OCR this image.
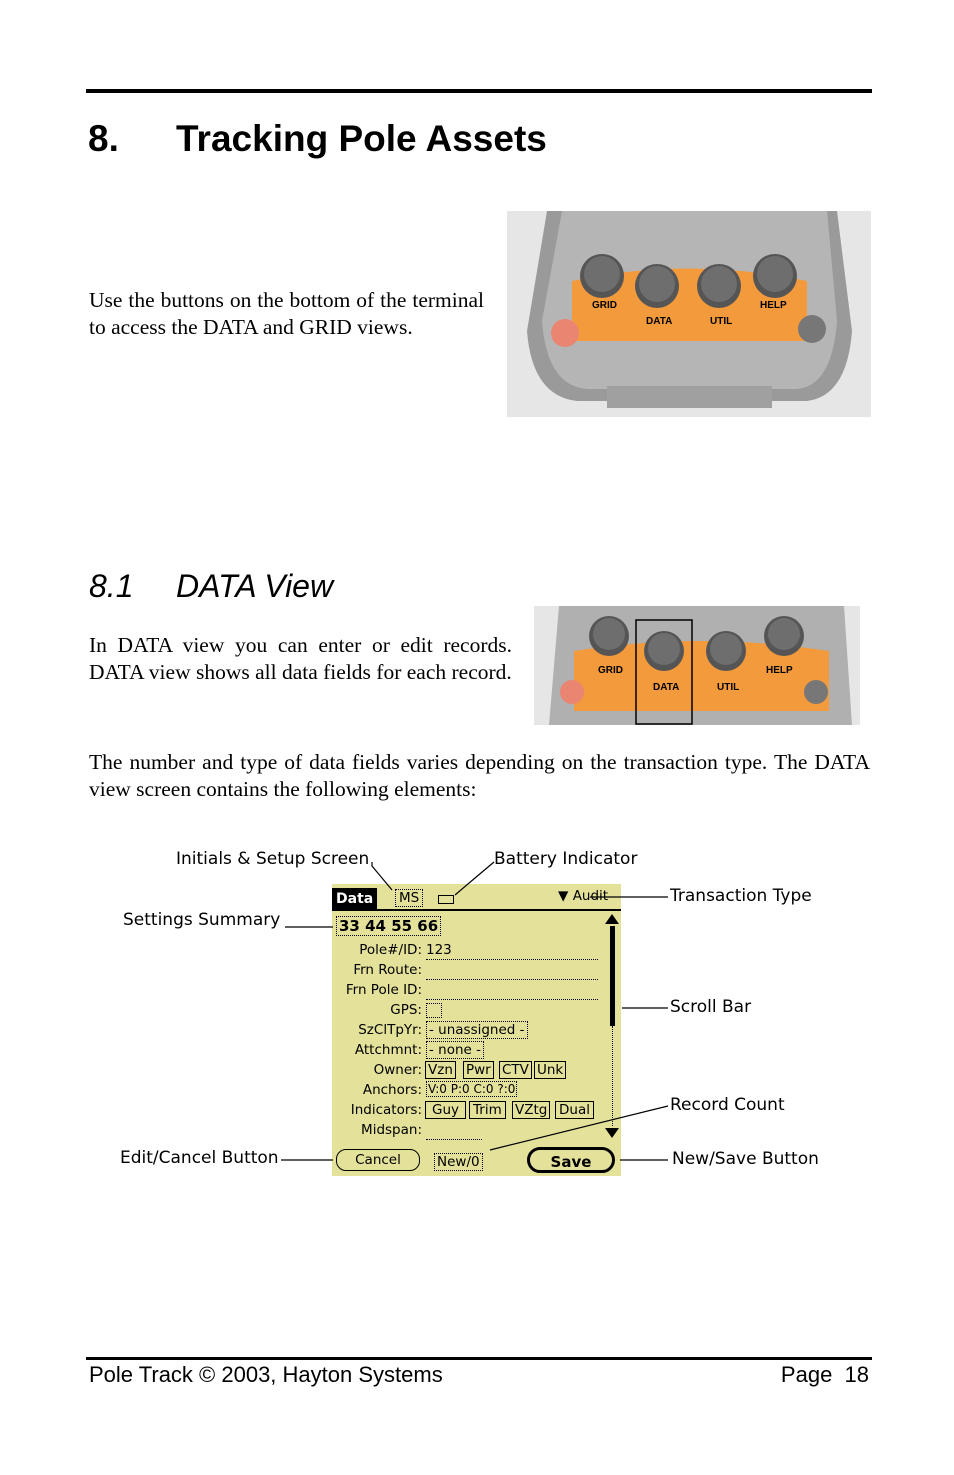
8. Tracking Pole Assets
Use the buttons on the bottom of the terminal to access the DATA and GRID views.
GRID
DATA	UTIL
HELP
8.1 DATA View
In DATA view you can enter or edit records. DATA view shows all data fields for each record.	GRID
DATA	UTIL
HELP
The number and type of data fields varies depending on the transaction type. The DATA view screen contains the following elements:
Data MS	▼ Audit
33 44 55 66
Pole#/ID: 123
Frn Route:
Frn Pole ID:
GPS:
SzClTpYr: - unassigned -
Attchmnt: - none -
Owner: Vzn Pwr CTV Unk
Anchors: V:0 P:0 C:0 ?:0
Indicators: Guy	Trim VZtg Dual
Midspan:
Cancel	New/0	Save
Initials & Setup Screen	Battery Indicator
Transaction Type
Settings Summary
Scroll Bar
Record Count
Edit/Cancel Button	New/Save Button
Pole Track © 2003, Hayton Systems	Page  18
